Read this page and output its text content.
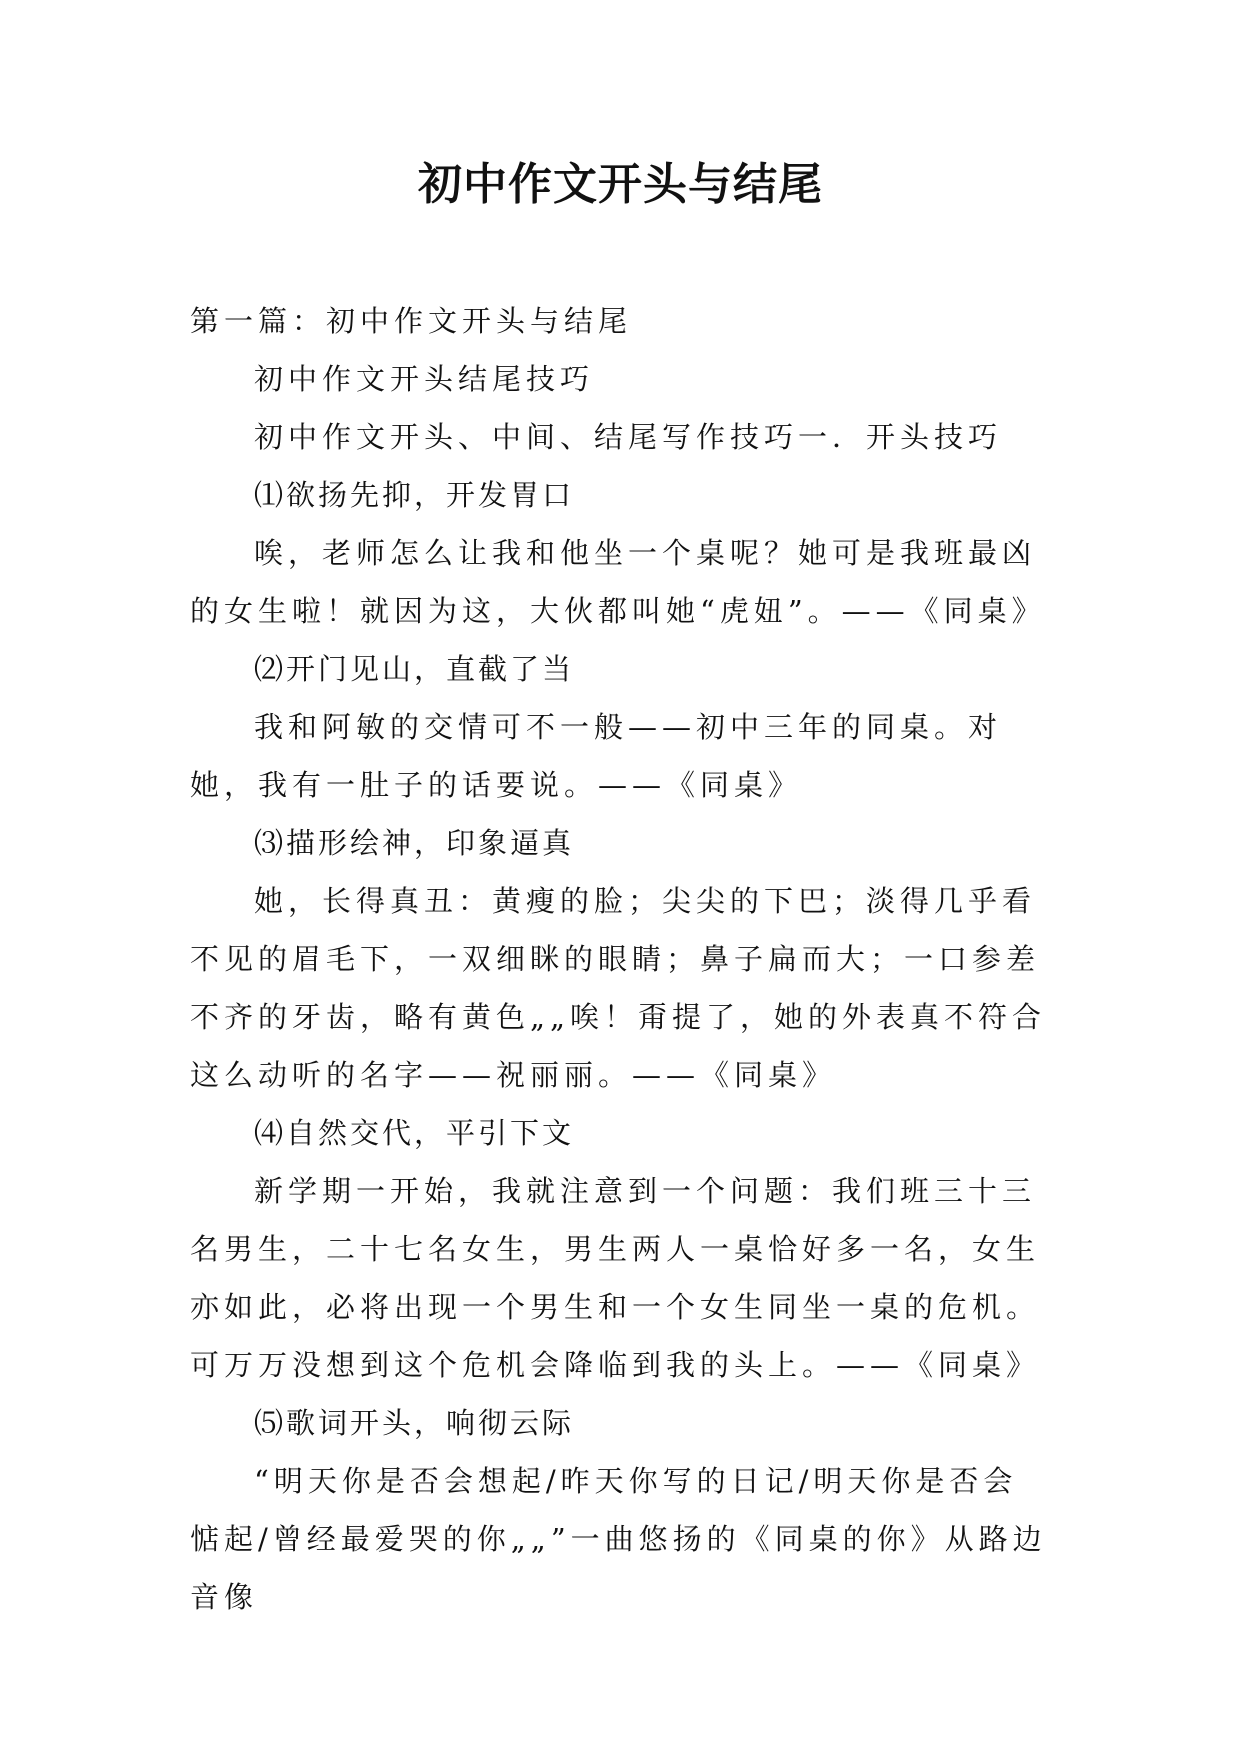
初中作文开头与结尾

第一篇：初中作文开头与结尾

初中作文开头结尾技巧

初中作文开头、中间、结尾写作技巧一．开头技巧

⑴欲扬先抑，开发胃口

唉，老师怎么让我和他坐一个桌呢？她可是我班最凶的女生啦！就因为这，大伙都叫她“虎妞”。——《同桌》

⑵开门见山，直截了当

我和阿敏的交情可不一般——初中三年的同桌。对她，我有一肚子的话要说。——《同桌》

⑶描形绘神，印象逼真

她，长得真丑：黄瘦的脸；尖尖的下巴；淡得几乎看不见的眉毛下，一双细眯的眼睛；鼻子扁而大；一口参差不齐的牙齿，略有黄色„„唉！甭提了，她的外表真不符合这么动听的名字——祝丽丽。——《同桌》

⑷自然交代，平引下文

新学期一开始，我就注意到一个问题：我们班三十三名男生，二十七名女生，男生两人一桌恰好多一名，女生亦如此，必将出现一个男生和一个女生同坐一桌的危机。可万万没想到这个危机会降临到我的头上。——《同桌》

⑸歌词开头，响彻云际

“明天你是否会想起/昨天你写的日记/明天你是否会惦起/曾经最爱哭的你„„”一曲悠扬的《同桌的你》从路边音像
